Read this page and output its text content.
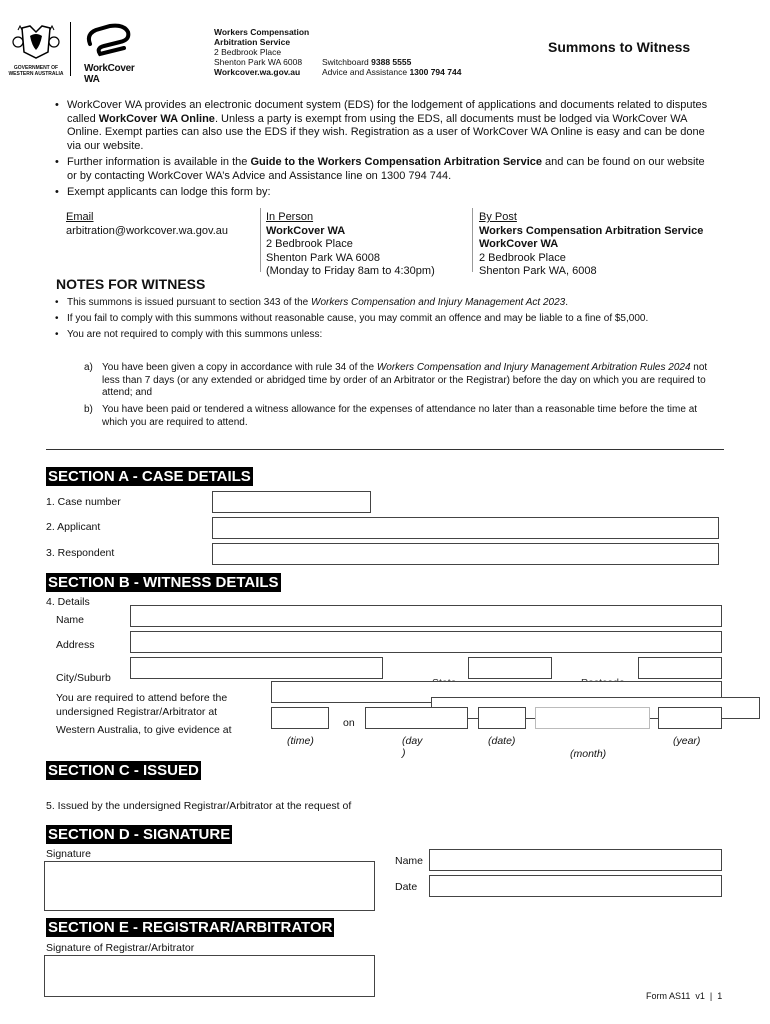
GOVERNMENT OF
WESTERN AUSTRALIA WorkCover WA
Workers Compensation
Arbitration Service
2 Bedbrook Place
Shenton Park WA 6008 Switchboard 9388 5555
Workcover.wa.gov.au	Advice and Assistance 1300 794 744
Summons to Witness
• WorkCover WA provides an electronic document system (EDS) for the lodgement of applications and documents related to disputes called WorkCover WA Online. Unless a party is exempt from using the EDS, all documents must be lodged via WorkCover WA Online. Exempt parties can also use the EDS if they wish. Registration as a user of WorkCover WA Online is easy and can be done via our website.
• Further information is available in the Guide to the Workers Compensation Arbitration Service and can be found on our website or by contacting WorkCover WA’s Advice and Assistance line on 1300 794 744.
• Exempt applicants can lodge this form by:
Email
arbitration@workcover.wa.gov.au
In Person
WorkCover WA
2 Bedbrook Place
Shenton Park WA 6008
(Monday to Friday 8am to 4:30pm)
By Post
Workers Compensation Arbitration Service
WorkCover WA
2 Bedbrook Place
Shenton Park WA, 6008
NOTES FOR WITNESS
• This summons is issued pursuant to section 343 of the Workers Compensation and Injury Management Act 2023.
• If you fail to comply with this summons without reasonable cause, you may commit an offence and may be liable to a fine of $5,000.
• You are not required to comply with this summons unless:
a) You have been given a copy in accordance with rule 34 of the Workers Compensation and Injury Management Arbitration Rules 2024 not less than 7 days (or any extended or abridged time by order of an Arbitrator or the Registrar) before the day on which you are required to attend; and
b) You have been paid or tendered a witness allowance for the expenses of attendance no later than a reasonable time before the time at which you are required to attend.
SECTION A - CASE DETAILS
1. Case number
2. Applicant
3. Respondent
SECTION B - WITNESS DETAILS
4. Details
Name
Address
City/Suburb
You are required to attend before the
undersigned Registrar/Arbitrator at
Western Australia, to give evidence at
on
(time)	(day
)
(date)
(month)
(year)
SECTION C - ISSUED
5. Issued by the undersigned Registrar/Arbitrator at the request of
SECTION D - SIGNATURE
Signature
Name
Date
SECTION E - REGISTRAR/ARBITRATOR
Signature of Registrar/Arbitrator
Form AS11 v1 | 1
